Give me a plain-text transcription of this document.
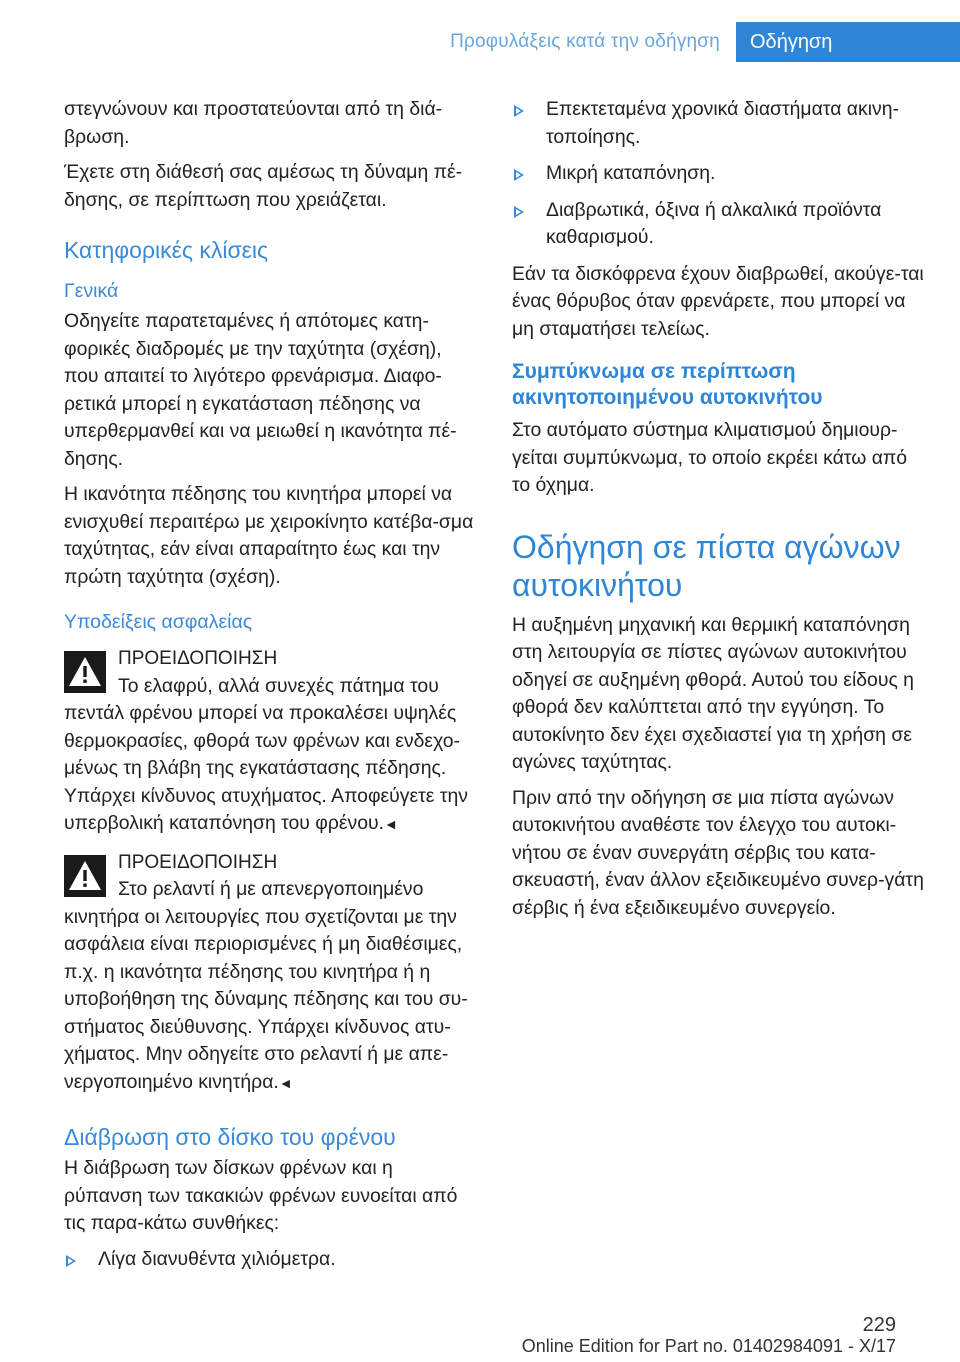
Προφυλάξεις κατά την οδήγηση	Οδήγηση

στεγνώνουν και προστατεύονται από τη διά-βρωση.

Έχετε στη διάθεσή σας αμέσως τη δύναμη πέ-δησης, σε περίπτωση που χρειάζεται.

Κατηφορικές κλίσεις
Γενικά

Οδηγείτε παρατεταμένες ή απότομες κατη-φορικές διαδρομές με την ταχύτητα (σχέση), που απαιτεί το λιγότερο φρενάρισμα. Διαφο-ρετικά μπορεί η εγκατάσταση πέδησης να υπερθερμανθεί και να μειωθεί η ικανότητα πέ-δησης.

Η ικανότητα πέδησης του κινητήρα μπορεί να ενισχυθεί περαιτέρω με χειροκίνητο κατέβα-σμα ταχύτητας, εάν είναι απαραίτητο έως και την πρώτη ταχύτητα (σχέση).

Υποδείξεις ασφαλείας
ΠΡΟΕΙΔΟΠΟΙΗΣΗ

Το ελαφρύ, αλλά συνεχές πάτημα του πεντάλ φρένου μπορεί να προκαλέσει υψηλές θερμοκρασίες, φθορά των φρένων και ενδεχο-μένως τη βλάβη της εγκατάστασης πέδησης. Υπάρχει κίνδυνος ατυχήματος. Αποφεύγετε την υπερβολική καταπόνηση του φρένου.◄

ΠΡΟΕΙΔΟΠΟΙΗΣΗ

Στο ρελαντί ή με απενεργοποιημένο κινητήρα οι λειτουργίες που σχετίζονται με την ασφάλεια είναι περιορισμένες ή μη διαθέσιμες, π.χ. η ικανότητα πέδησης του κινητήρα ή η υποβοήθηση της δύναμης πέδησης και του συ-στήματος διεύθυνσης. Υπάρχει κίνδυνος ατυ-χήματος. Μην οδηγείτε στο ρελαντί ή με απε-νεργοποιημένο κινητήρα.◄

Διάβρωση στο δίσκο του φρένου

Η διάβρωση των δίσκων φρένων και η ρύπανση των τακακιών φρένων ευνοείται από τις παρα-κάτω συνθήκες:

Λίγα διανυθέντα χιλιόμετρα.
Επεκτεταμένα χρονικά διαστήματα ακινη-τοποίησης.
Μικρή καταπόνηση.
Διαβρωτικά, όξινα ή αλκαλικά προϊόντα καθαρισμού.

Εάν τα δισκόφρενα έχουν διαβρωθεί, ακούγε-ται ένας θόρυβος όταν φρενάρετε, που μπορεί να μη σταματήσει τελείως.

Συμπύκνωμα σε περίπτωση ακινητοποιημένου αυτοκινήτου

Στο αυτόματο σύστημα κλιματισμού δημιουρ-γείται συμπύκνωμα, το οποίο εκρέει κάτω από το όχημα.

Οδήγηση σε πίστα αγώνων αυτοκινήτου

Η αυξημένη μηχανική και θερμική καταπόνηση στη λειτουργία σε πίστες αγώνων αυτοκινήτου οδηγεί σε αυξημένη φθορά. Αυτού του είδους η φθορά δεν καλύπτεται από την εγγύηση. Το αυτοκίνητο δεν έχει σχεδιαστεί για τη χρήση σε αγώνες ταχύτητας.

Πριν από την οδήγηση σε μια πίστα αγώνων αυτοκινήτου αναθέστε τον έλεγχο του αυτοκι-νήτου σε έναν συνεργάτη σέρβις του κατα-σκευαστή, έναν άλλον εξειδικευμένο συνερ-γάτη σέρβις ή ένα εξειδικευμένο συνεργείο.

229
Online Edition for Part no. 01402984091 - X/17
